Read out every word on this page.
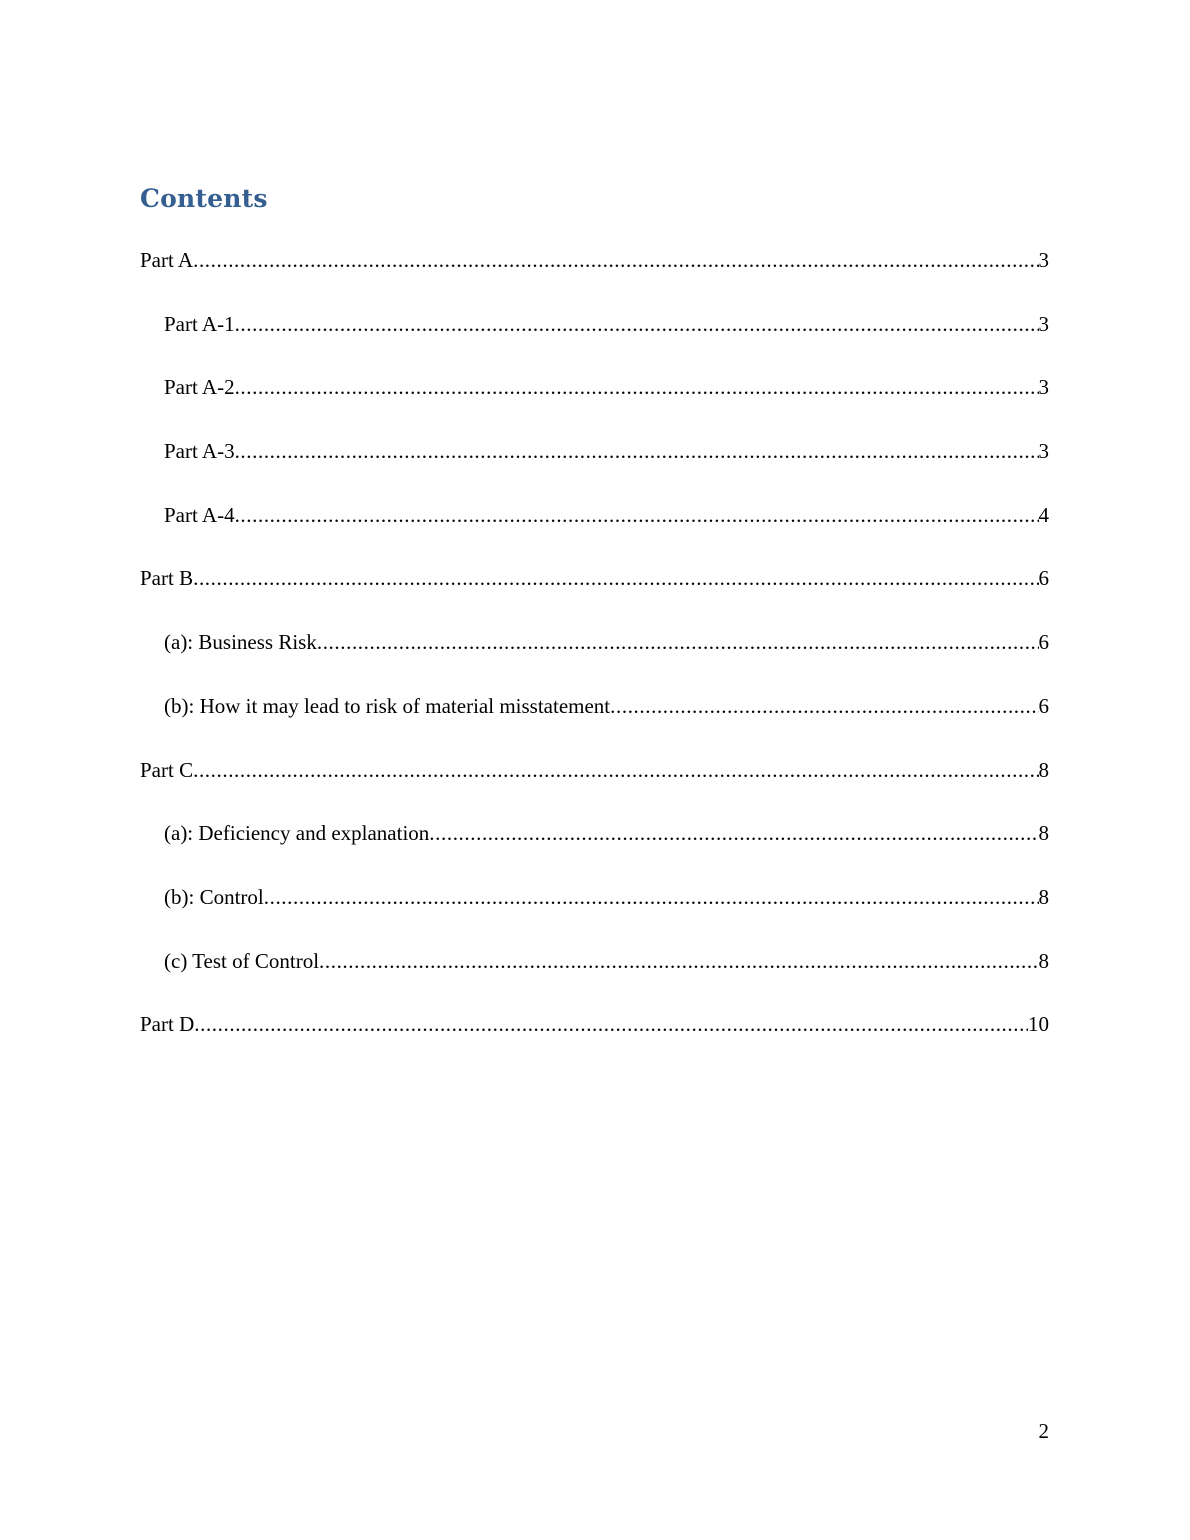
Contents
Part A .....	3
Part A-1 .....	3
Part A-2 .....	3
Part A-3 .....	3
Part A-4 .....	4
Part B .....	6
(a): Business Risk .....	6
(b): How it may lead to risk of material misstatement .....	6
Part C .....	8
(a): Deficiency and explanation .....	8
(b): Control .....	8
(c) Test of Control .....	8
Part D .....	10
2
